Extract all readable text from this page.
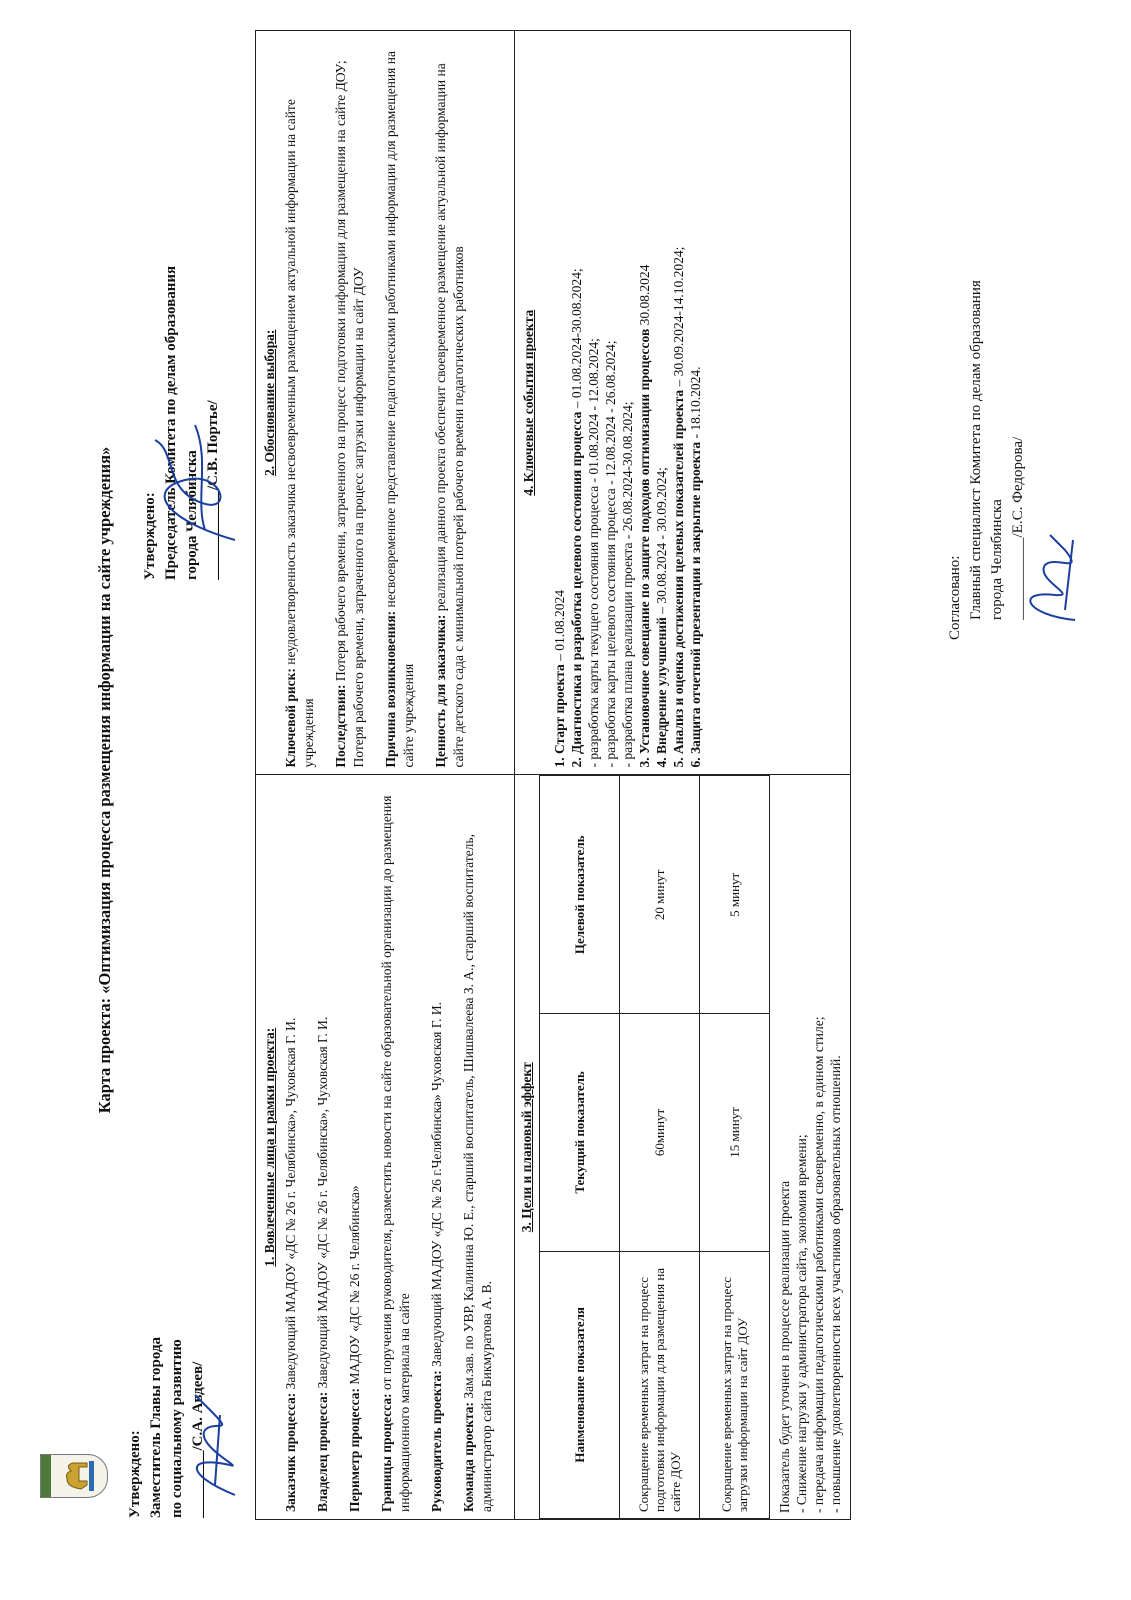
Карта проекта: «Оптимизация процесса размещения информации на сайте учреждения»
Утверждено: Заместитель Главы города по социальному развитию _________/С.А. Авдеев/
Утверждено: Председатель Комитета по делам образования города Челябинска ____________/С.В. Портье/
1. Вовлеченные лица и рамки проекта:
Заказчик процесса: Заведующий МАДОУ «ДС № 26 г. Челябинска», Чуховская Г. И.
Владелец процесса: Заведующий МАДОУ «ДС № 26 г. Челябинска», Чуховская Г. И.
Периметр процесса: МАДОУ «ДС № 26 г. Челябинска»
Границы процесса: от поручения руководителя, разместить новости на сайте образовательной организации до размещения информационного материала на сайте Руководитель проекта: Заведующий МАДОУ «ДС № 26 г.Челябинска» Чуховская Г. И.
Команда проекта: Зам.зав. по УВР, Калинина Ю. Е., старший воспитатель, Шишвалеева З. А., старший воспитатель, администратор сайта Бикмуратова А. В.

2. Обоснование выбора:
Ключевой риск: неудовлетворенность заказчика несвоевременным размещением актуальной информации на сайте учреждения Последствия: Потеря рабочего времени, затраченного на процесс подготовки информации для размещения на сайте ДОУ; Потеря рабочего времени, затраченного на процесс загрузки информации на сайт ДОУ Причина возникновения: несвоевременное представление педагогическими работниками информации для размещения на сайте учреждения Ценность для заказчика: реализация данного проекта обеспечит своевременное размещение актуальной информации на сайте детского сада с минимальной потерей рабочего времени педагогических работников

3. Цели и плановый эффект
Наименование показателя	Текущий показатель	Целевой показатель
Сокращение временных затрат на процесс подготовки информации для размещения на сайте ДОУ	60минут	20 минут
Сокращение временных затрат на процесс загрузки информации на сайт ДОУ	15 минут	5 минут
Показатель будет уточнен в процессе реализации проекта - Снижение нагрузки у администратора сайта, экономия времени; - передача информации педагогическими работниками своевременно, в едином стиле; - повышение удовлетворенности всех участников образовательных отношений.

4. Ключевые события проекта
1. Старт проекта – 01.08.2024 2. Диагностика и разработка целевого состояния процесса – 01.08.2024-30.08.2024; - разработка карты текущего состояния процесса - 01.08.2024 - 12.08.2024; - разработка карты целевого состояния процесса - 12.08.2024 - 26.08.2024; - разработка плана реализации проекта - 26.08.2024-30.08.2024; 3. Установочное совещание по защите подходов оптимизации процессов 30.08.2024
4. Внедрение улучшений – 30.08.2024 - 30.09.2024; 5. Анализ и оценка достижения целевых показателей проекта – 30.09.2024-14.10.2024;
6. Защита отчетной презентации и закрытие проекта - 18.10.2024.
Согласовано: Главный специалист Комитета по делам образования города Челябинска ___________/Е.С. Федорова/
